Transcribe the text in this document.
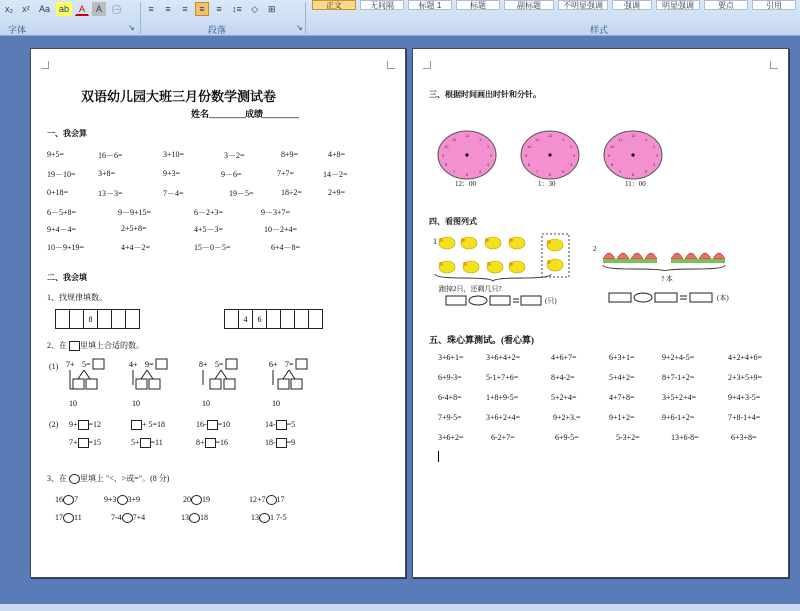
x₂	x²	Aa	ab	A	A	㊀	≡	≡	≡	≡	≡	↕≡	◇	⊞	正文	无间隔	标题 1	标题	副标题	不明显强调	强调	明显强调	要点	引用
字体	↘	段落	↘	样式
双语幼儿园大班三月份数学测试卷
姓名________成绩________
一、我会算
9+5=	16－6=	3+10=	3－2=	8+9=	4+8=
19－10=	3+8=	9+3=	9－6=	7+7=	14－2=
0+18=	13－3=	7－4=	19－5=	18÷2=	2+9=
6－5+8=	9－9+15=	6－2+3=	9－3+7=
9+4－4=	2+5+8=	4+5－3=	10－2+4=
10－9+19=	4+4－2=	15－0－5=	6+4－8=
二、我会填
1、找规律填数。
8	4	6
2、在 里填上合适的数。
(1) 7+ 5=
10
4+ 9=
10
8+ 5=
10
6+ 7=
10
(2) 9+ =12	+ 5=18	16- =10	14- =5
7+ =15	5+ =11	8+ =16	18- =9
3、在 里填上 "<、>或="。(8 分)
16 7	9+3 3+9	20 19	12+7 17
17 11	7-4 7+4	13 18	13 1 7-5
三、根据时间画出时针和分针。
12
1
2
3
4
5
6
7
8
9
10
11
12
1
2
3
4
5
6
7
8
9
10
11
12
1
2
3
4
5
6
7
8
9
10
11
12：00	1：30	11：00
四、看图列式
1
跑掉2只，还剩几只?
(只)
2
? 本
(本)
五、珠心算测试。(看心算)
3+6+1=	3+6+4+2=	4+6+7=	6+3+1=	9+2+4-5=	4+2+4+6=
6+9-3=	5-1+7+6=	8+4-2=	5+4+2=	8+7-1+2=	2+3+5+9=
6-4+8=	1+8+9-5=	5+2+4=	4+7+8=	3+5+2+4=	9+4+3-5=
7+9-5=	3+6+2+4=	9+2+3.=	9+1+2=	9+6-1+2=	7+8-1+4=
3+6+2=	6-2+7=	6+9-5=	5-3+2=	13+6-8=	6+3+8=
